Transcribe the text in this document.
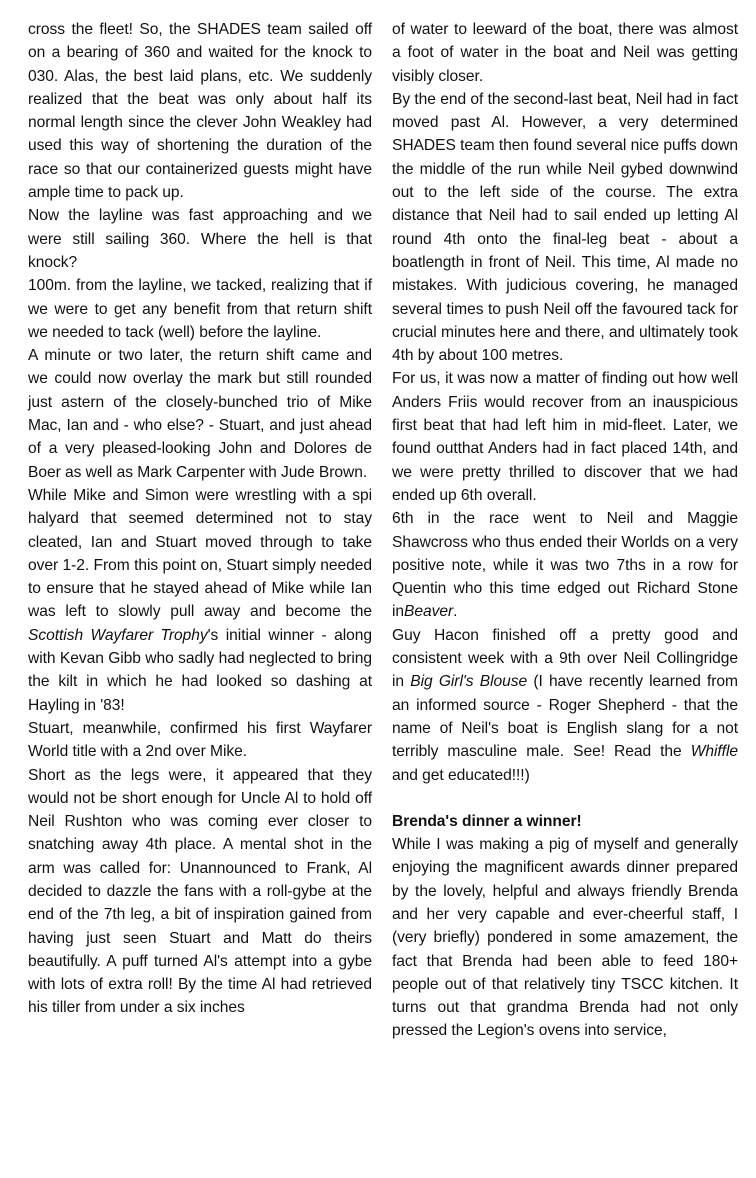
cross the fleet! So, the SHADES team sailed off on a bearing of 360 and waited for the knock to 030. Alas, the best laid plans, etc. We suddenly realized that the beat was only about half its normal length since the clever John Weakley had used this way of shortening the duration of the race so that our containerized guests might have ample time to pack up.

Now the layline was fast approaching and we were still sailing 360. Where the hell is that knock?

100m. from the layline, we tacked, realizing that if we were to get any benefit from that return shift we needed to tack (well) before the layline.

A minute or two later, the return shift came and we could now overlay the mark but still rounded just astern of the closely-bunched trio of Mike Mac, Ian and - who else? - Stuart, and just ahead of a very pleased-looking John and Dolores de Boer as well as Mark Carpenter with Jude Brown.

While Mike and Simon were wrestling with a spi halyard that seemed determined not to stay cleated, Ian and Stuart moved through to take over 1-2. From this point on, Stuart simply needed to ensure that he stayed ahead of Mike while Ian was left to slowly pull away and become the Scottish Wayfarer Trophy's initial winner - along with Kevan Gibb who sadly had neglected to bring the kilt in which he had looked so dashing at Hayling in '83!

Stuart, meanwhile, confirmed his first Wayfarer World title with a 2nd over Mike.

Short as the legs were, it appeared that they would not be short enough for Uncle Al to hold off Neil Rushton who was coming ever closer to snatching away 4th place. A mental shot in the arm was called for: Unannounced to Frank, Al decided to dazzle the fans with a roll-gybe at the end of the 7th leg, a bit of inspiration gained from having just seen Stuart and Matt do theirs beautifully. A puff turned Al's attempt into a gybe with lots of extra roll! By the time Al had retrieved his tiller from under a six inches

of water to leeward of the boat, there was almost a foot of water in the boat and Neil was getting visibly closer.

By the end of the second-last beat, Neil had in fact moved past Al. However, a very determined SHADES team then found several nice puffs down the middle of the run while Neil gybed downwind out to the left side of the course. The extra distance that Neil had to sail ended up letting Al round 4th onto the final-leg beat - about a boatlength in front of Neil. This time, Al made no mistakes. With judicious covering, he managed several times to push Neil off the favoured tack for crucial minutes here and there, and ultimately took 4th by about 100 metres.

For us, it was now a matter of finding out how well Anders Friis would recover from an inauspicious first beat that had left him in mid-fleet. Later, we found outthat Anders had in fact placed 14th, and we were pretty thrilled to discover that we had ended up 6th overall.

6th in the race went to Neil and Maggie Shawcross who thus ended their Worlds on a very positive note, while it was two 7ths in a row for Quentin who this time edged out Richard Stone inBeaver.

Guy Hacon finished off a pretty good and consistent week with a 9th over Neil Collingridge in Big Girl's Blouse (I have recently learned from an informed source - Roger Shepherd - that the name of Neil's boat is English slang for a not terribly masculine male. See! Read the Whiffle and get educated!!!)

Brenda's dinner a winner!

While I was making a pig of myself and generally enjoying the magnificent awards dinner prepared by the lovely, helpful and always friendly Brenda and her very capable and ever-cheerful staff, I (very briefly) pondered in some amazement, the fact that Brenda had been able to feed 180+ people out of that relatively tiny TSCC kitchen. It turns out that grandma Brenda had not only pressed the Legion's ovens into service,
